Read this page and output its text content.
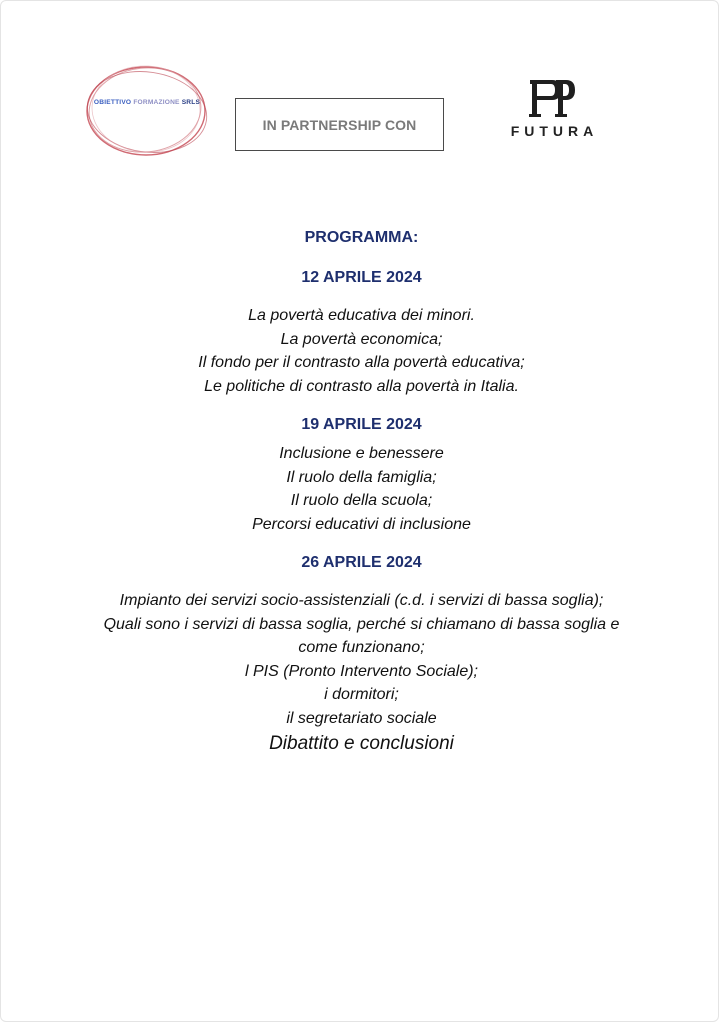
OBIETTIVO FORMAZIONE SRLS
IN PARTNERSHIP CON	FUTURA
PROGRAMMA:
12 APRILE 2024
La povertà educativa dei minori.
La povertà economica;
Il fondo per il contrasto alla povertà educativa;
Le politiche di contrasto alla povertà in Italia.
19 APRILE 2024
Inclusione e benessere
Il ruolo della famiglia;
Il ruolo della scuola;
Percorsi educativi di inclusione
26 APRILE 2024
Impianto dei servizi socio-assistenziali (c.d. i servizi di bassa soglia);
Quali sono i servizi di bassa soglia, perché si chiamano di bassa soglia e
come funzionano;
l PIS (Pronto Intervento Sociale);
i dormitori;
il segretariato sociale
Dibattito e conclusioni
